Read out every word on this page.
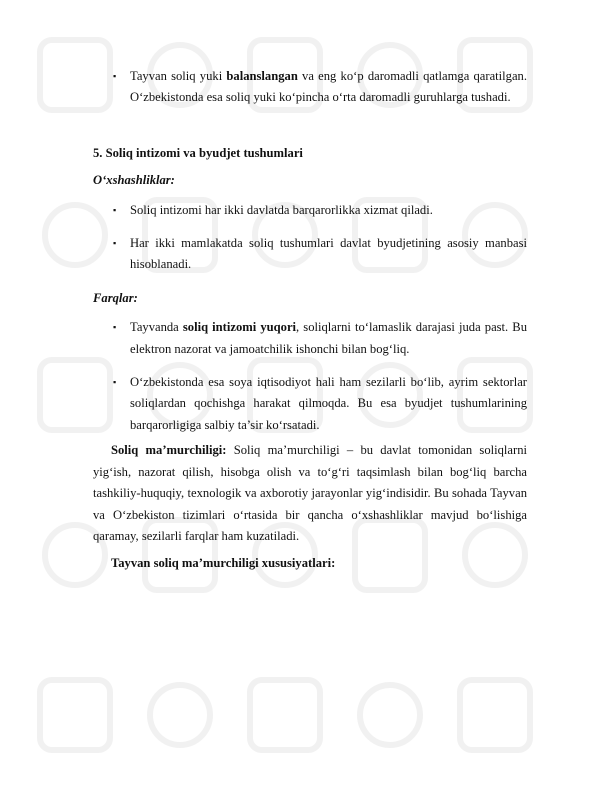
▪ Tayvan soliq yuki balanslangan va eng ko‘p daromadli qatlamga qaratilgan. O‘zbekistonda esa soliq yuki ko‘pincha o‘rta daromadli guruhlarga tushadi.

5. Soliq intizomi va byudjet tushumlari

O‘xshashliklar:

▪ Soliq intizomi har ikki davlatda barqarorlikka xizmat qiladi.
▪ Har ikki mamlakatda soliq tushumlari davlat byudjetining asosiy manbasi hisoblanadi.

Farqlar:

▪ Tayvanda soliq intizomi yuqori, soliqlarni to‘lamaslik darajasi juda past. Bu elektron nazorat va jamoatchilik ishonchi bilan bog‘liq.
▪ O‘zbekistonda esa soya iqtisodiyot hali ham sezilarli bo‘lib, ayrim sektorlar soliqlardan qochishga harakat qilmoqda. Bu esa byudjet tushumlarining barqarorligiga salbiy ta’sir ko‘rsatadi.

Soliq ma’murchiligi: Soliq ma’murchiligi – bu davlat tomonidan soliqlarni yig‘ish, nazorat qilish, hisobga olish va to‘g‘ri taqsimlash bilan bog‘liq barcha tashkiliy-huquqiy, texnologik va axborotiy jarayonlar yig‘indisidir. Bu sohada Tayvan va O‘zbekiston tizimlari o‘rtasida bir qancha o‘xshashliklar mavjud bo‘lishiga qaramay, sezilarli farqlar ham kuzatiladi.

Tayvan soliq ma’murchiligi xususiyatlari:
